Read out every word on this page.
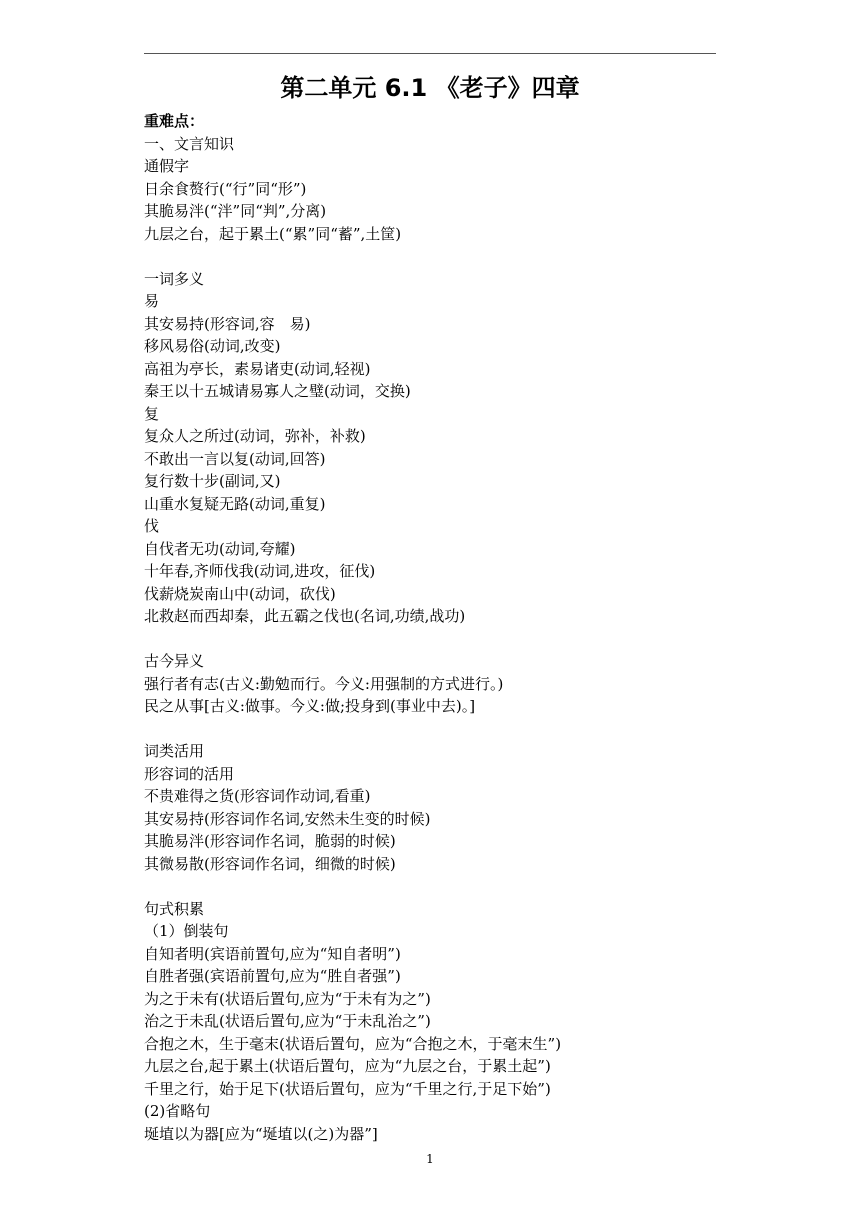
第二单元 6.1 《老子》四章
重难点：
一、文言知识
通假字
日余食赘行(“行”同“形”)
其脆易泮(“泮”同“判”,分离)
九层之台，起于累土(“累”同“蓄”,土筐)
一词多义
易
其安易持(形容词,容　易)
移风易俗(动词,改变)
高祖为亭长，素易诸吏(动词,轻视)
秦王以十五城请易寡人之璧(动词，交换)
复
复众人之所过(动词，弥补，补救)
不敢出一言以复(动词,回答)
复行数十步(副词,又)
山重水复疑无路(动词,重复)
伐
自伐者无功(动词,夸耀)
十年春,齐师伐我(动词,进攻，征伐)
伐薪烧炭南山中(动词，砍伐)
北救赵而西却秦，此五霸之伐也(名词,功绩,战功)
古今异义
强行者有志(古义:勤勉而行。今义:用强制的方式进行。)
民之从事[古义:做事。今义:做;投身到(事业中去)。]
词类活用
形容词的活用
不贵难得之货(形容词作动词,看重)
其安易持(形容词作名词,安然未生变的时候)
其脆易泮(形容词作名词，脆弱的时候)
其微易散(形容词作名词，细微的时候)
句式积累
（1）倒装句
自知者明(宾语前置句,应为“知自者明”)
自胜者强(宾语前置句,应为“胜自者强”)
为之于未有(状语后置句,应为“于未有为之”)
治之于未乱(状语后置句,应为“于未乱治之”)
合抱之木，生于毫末(状语后置句，应为“合抱之木，于毫末生”)
九层之台,起于累土(状语后置句，应为“九层之台，于累土起”)
千里之行，始于足下(状语后置句，应为“千里之行,于足下始”)
(2)省略句
埏埴以为器[应为“埏埴以(之)为器”]
1
